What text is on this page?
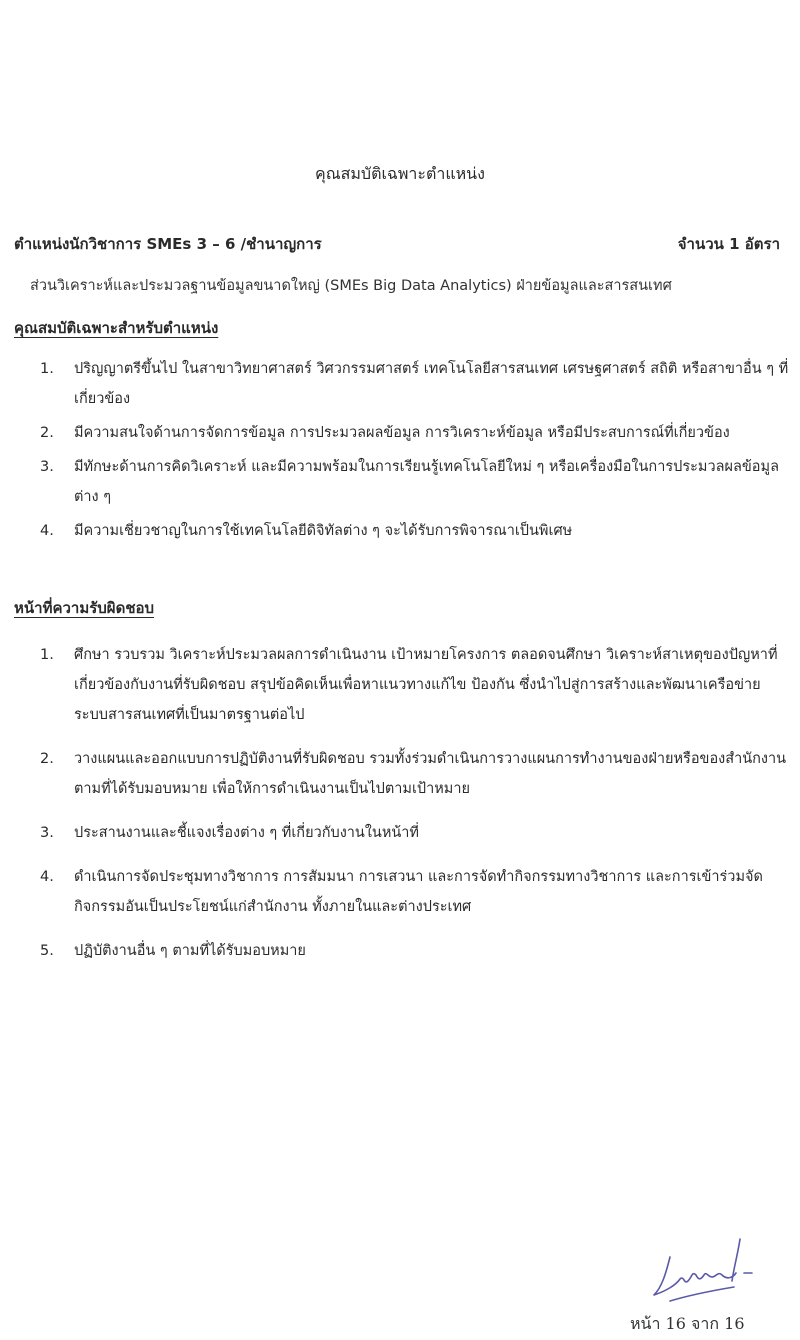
คุณสมบัติเฉพาะตำแหน่ง
ตำแหน่งนักวิชาการ SMEs 3 – 6 /ชำนาญการ	จำนวน 1 อัตรา
ส่วนวิเคราะห์และประมวลฐานข้อมูลขนาดใหญ่ (SMEs Big Data Analytics) ฝ่ายข้อมูลและสารสนเทศ
คุณสมบัติเฉพาะสำหรับตำแหน่ง
1. ปริญญาตรีขึ้นไป ในสาขาวิทยาศาสตร์ วิศวกรรมศาสตร์ เทคโนโลยีสารสนเทศ เศรษฐศาสตร์ สถิติ หรือสาขาอื่น ๆ ที่เกี่ยวข้อง
2. มีความสนใจด้านการจัดการข้อมูล การประมวลผลข้อมูล การวิเคราะห์ข้อมูล หรือมีประสบการณ์ที่เกี่ยวข้อง
3. มีทักษะด้านการคิดวิเคราะห์ และมีความพร้อมในการเรียนรู้เทคโนโลยีใหม่ ๆ หรือเครื่องมือในการประมวลผลข้อมูลต่าง ๆ
4. มีความเชี่ยวชาญในการใช้เทคโนโลยีดิจิทัลต่าง ๆ จะได้รับการพิจารณาเป็นพิเศษ
หน้าที่ความรับผิดชอบ
1. ศึกษา รวบรวม วิเคราะห์ประมวลผลการดำเนินงาน เป้าหมายโครงการ ตลอดจนศึกษา วิเคราะห์สาเหตุของปัญหาที่เกี่ยวข้องกับงานที่รับผิดชอบ สรุปข้อคิดเห็นเพื่อหาแนวทางแก้ไข ป้องกัน ซึ่งนำไปสู่การสร้างและพัฒนาเครือข่ายระบบสารสนเทศที่เป็นมาตรฐานต่อไป
2. วางแผนและออกแบบการปฏิบัติงานที่รับผิดชอบ รวมทั้งร่วมดำเนินการวางแผนการทำงานของฝ่ายหรือของสำนักงาน ตามที่ได้รับมอบหมาย เพื่อให้การดำเนินงานเป็นไปตามเป้าหมาย
3. ประสานงานและชี้แจงเรื่องต่าง ๆ ที่เกี่ยวกับงานในหน้าที่
4. ดำเนินการจัดประชุมทางวิชาการ การสัมมนา การเสวนา และการจัดทำกิจกรรมทางวิชาการ และการเข้าร่วมจัดกิจกรรมอันเป็นประโยชน์แก่สำนักงาน ทั้งภายในและต่างประเทศ
5. ปฏิบัติงานอื่น ๆ ตามที่ได้รับมอบหมาย
หน้า 16 จาก 16
